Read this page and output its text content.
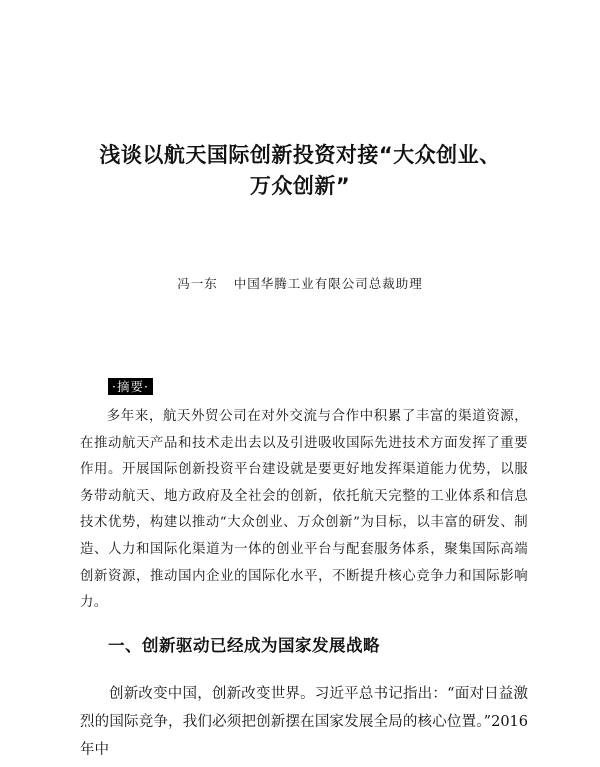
浅谈以航天国际创新投资对接“大众创业、
万众创新”
冯一东 中国华腾工业有限公司总裁助理
·摘要·

多年来，航天外贸公司在对外交流与合作中积累了丰富的渠道资源，在推动航天产品和技术走出去以及引进吸收国际先进技术方面发挥了重要作用。开展国际创新投资平台建设就是要更好地发挥渠道能力优势，以服务带动航天、地方政府及全社会的创新，依托航天完整的工业体系和信息技术优势，构建以推动“大众创业、万众创新”为目标，以丰富的研发、制造、人力和国际化渠道为一体的创业平台与配套服务体系，聚集国际高端创新资源，推动国内企业的国际化水平，不断提升核心竞争力和国际影响力。

一、创新驱动已经成为国家发展战略

创新改变中国，创新改变世界。习近平总书记指出：“面对日益激烈的国际竞争，我们必须把创新摆在国家发展全局的核心位置。”2016年中
